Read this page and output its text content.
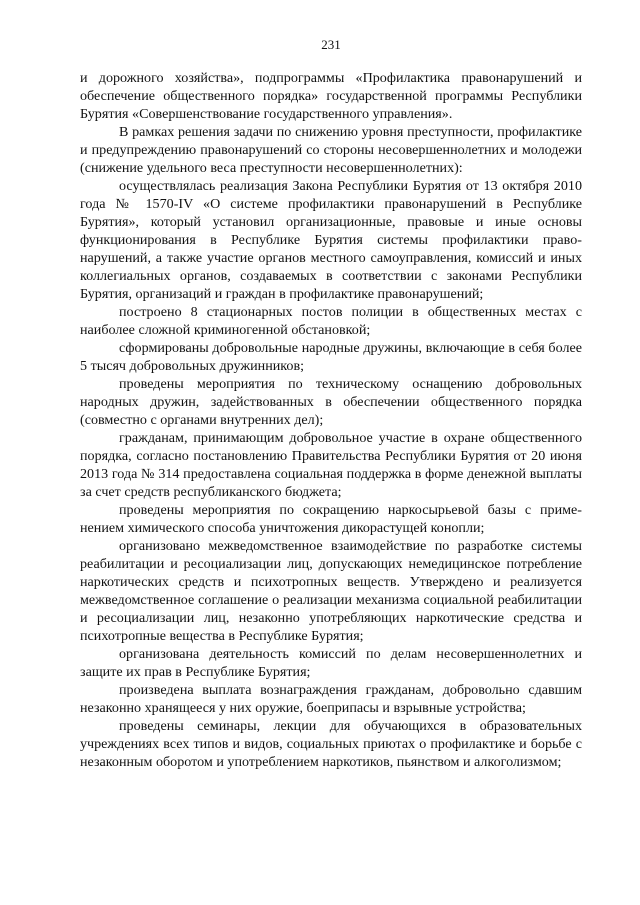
231

и дорожного хозяйства», подпрограммы «Профилактика правонарушений и обеспечение общественного порядка» государственной программы Республики Бурятия «Совершенствование государственного управления».

В рамках решения задачи по снижению уровня преступности, профилактике и предупреждению правонарушений со стороны несовершеннолетних и молодежи (снижение удельного веса преступности несовершеннолетних):

осуществлялась реализация Закона Республики Бурятия от 13 октября 2010 года № 1570-IV «О системе профилактики правонарушений в Республике Бурятия», который установил организационные, правовые и иные основы функционирования в Республике Бурятия системы профилактики правонарушений, а также участие органов местного самоуправления, комиссий и иных коллегиальных органов, создаваемых в соответствии с законами Республики Бурятия, организаций и граждан в профилактике правонарушений;

построено 8 стационарных постов полиции в общественных местах с наиболее сложной криминогенной обстановкой;

сформированы добровольные народные дружины, включающие в себя более 5 тысяч добровольных дружинников;

проведены мероприятия по техническому оснащению добровольных народных дружин, задействованных в обеспечении общественного порядка (совместно с органами внутренних дел);

гражданам, принимающим добровольное участие в охране общественного порядка, согласно постановлению Правительства Республики Бурятия от 20 июня 2013 года № 314 предоставлена социальная поддержка в форме денежной выплаты за счет средств республиканского бюджета;

проведены мероприятия по сокращению наркосырьевой базы с применением химического способа уничтожения дикорастущей конопли;

организовано межведомственное взаимодействие по разработке системы реабилитации и ресоциализации лиц, допускающих немедицинское потребление наркотических средств и психотропных веществ. Утверждено и реализуется межведомственное соглашение о реализации механизма социальной реабилитации и ресоциализации лиц, незаконно употребляющих наркотические средства и психотропные вещества в Республике Бурятия;

организована деятельность комиссий по делам несовершеннолетних и защите их прав в Республике Бурятия;

произведена выплата вознаграждения гражданам, добровольно сдавшим незаконно хранящееся у них оружие, боеприпасы и взрывные устройства;

проведены семинары, лекции для обучающихся в образовательных учреждениях всех типов и видов, социальных приютах о профилактике и борьбе с незаконным оборотом и употреблением наркотиков, пьянством и алкоголизмом;
